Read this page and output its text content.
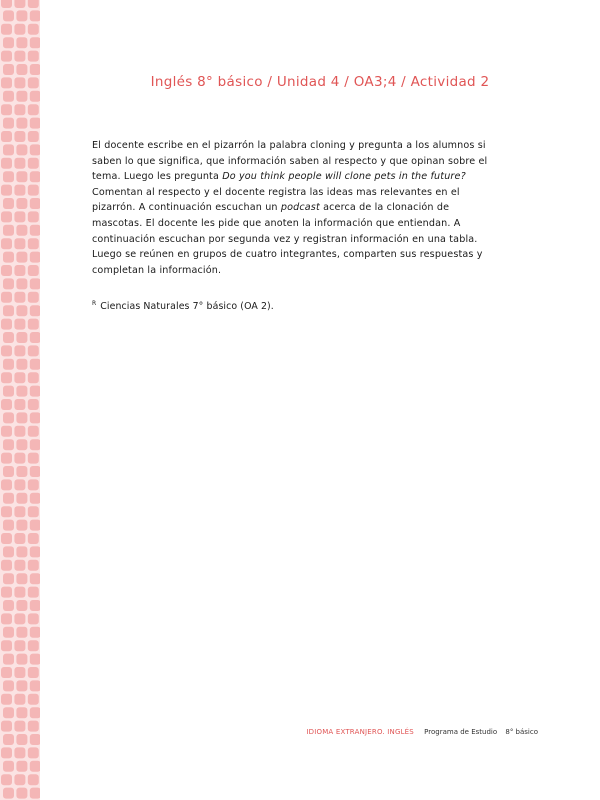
Inglés 8° básico / Unidad 4 / OA3;4 / Actividad 2

El docente escribe en el pizarrón la palabra cloning y pregunta a los alumnos si saben lo que significa, que información saben al respecto y que opinan sobre el tema. Luego les pregunta Do you think people will clone pets in the future? Comentan al respecto y el docente registra las ideas mas relevantes en el pizarrón. A continuación escuchan un podcast acerca de la clonación de mascotas. El docente les pide que anoten la información que entiendan. A continuación escuchan por segunda vez y registran información en una tabla. Luego se reúnen en grupos de cuatro integrantes, comparten sus respuestas y completan la información.

$^R$ Ciencias Naturales 7° básico (OA 2).
IDIOMA EXTRANJERO. INGLÉS Programa de Estudio 8° básico
